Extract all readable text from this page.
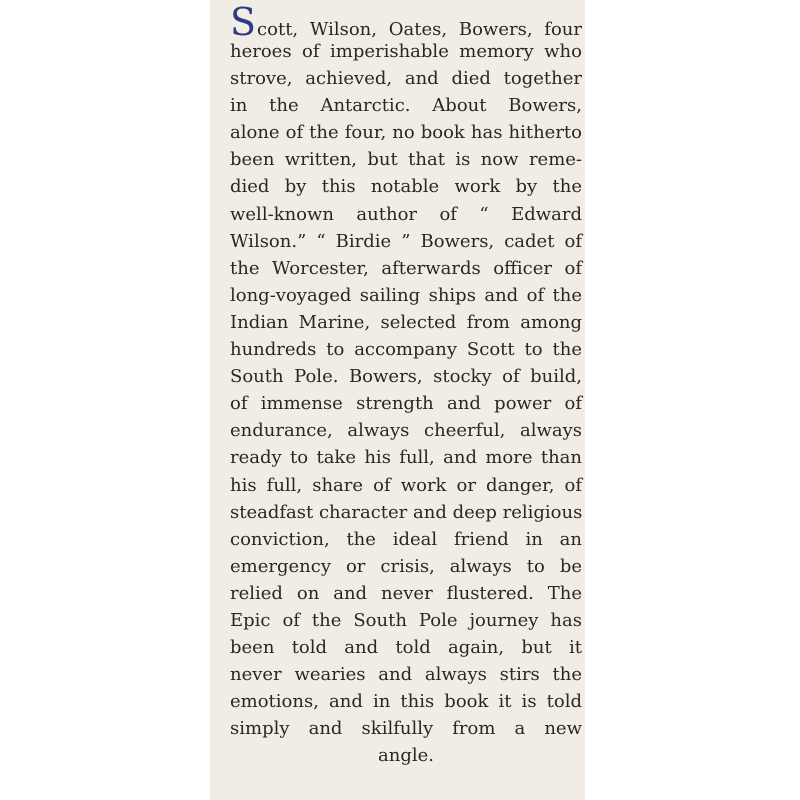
Scott, Wilson, Oates, Bowers, four
heroes of imperishable memory who
strove, achieved, and died together
in the Antarctic. About Bowers,
alone of the four, no book has hitherto
been written, but that is now reme-
died by this notable work by the
well-known author of “ Edward
Wilson.” “ Birdie ” Bowers, cadet of
the Worcester, afterwards officer of
long-voyaged sailing ships and of the
Indian Marine, selected from among
hundreds to accompany Scott to the
South Pole. Bowers, stocky of build,
of immense strength and power of
endurance, always cheerful, always
ready to take his full, and more than
his full, share of work or danger, of
steadfast character and deep religious
conviction, the ideal friend in an
emergency or crisis, always to be
relied on and never flustered. The
Epic of the South Pole journey has
been told and told again, but it
never wearies and always stirs the
emotions, and in this book it is told
simply and skilfully from a new
angle.
